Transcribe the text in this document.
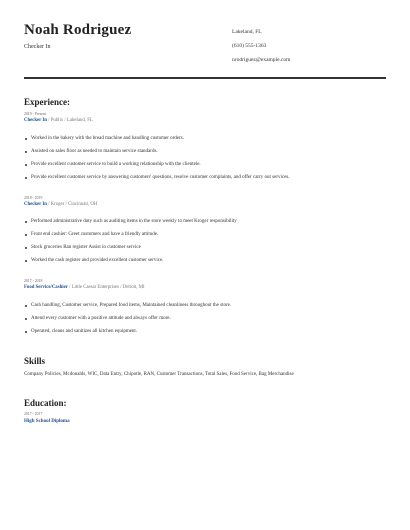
Noah Rodriguez
Checker In
Lakeland, FL
(610) 555-1363
nrodriguez@example.com
Experience:
2019 - Present
Checker In / Publix / Lakeland, FL
Worked in the bakery with the bread machine and handling customer orders.
Assisted on sales floor as needed to maintain service standards.
Provide excellent customer service to build a working relationship with the clientele.
Provide excellent customer service by answering customers' questions, resolve customer complaints, and offer carry out services.
2018 - 2019
Checker In / Kroger / Cincinnati, OH
Performed administrative duty such as auditing items in the store weekly to meet Kroger responsibility
Front end cashier: Greet customers and have a friendly attitude.
Stock groceries Ran register Assist in customer service
Worked the cash register and provided excellent customer service.
2017 - 2018
Food Service/Cashier / Little Caesar Enterprises / Detroit, MI
Cash handling, Customer service, Prepared food items, Maintained cleanliness throughout the store.
Attend every customer with a positive attitude and always offer more.
Operated, cleans and sanitizes all kitchen equipment.
Skills
Company Policies, Mcdonalds, WIC, Data Entry, Chipotle, RAN, Customer Transactions, Total Sales, Food Service, Bag Merchandise
Education:
2017 - 2017
High School Diploma
